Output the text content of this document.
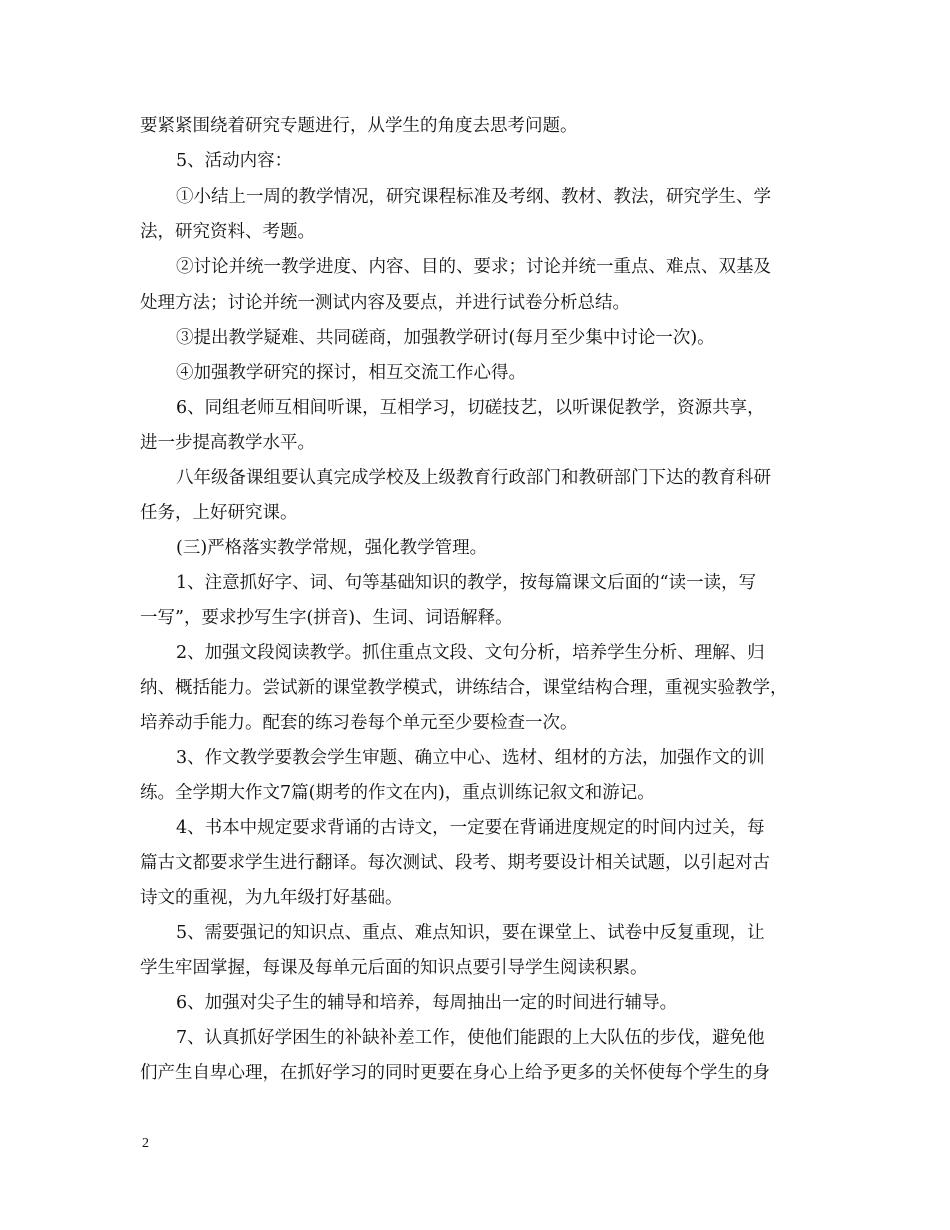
要紧紧围绕着研究专题进行，从学生的角度去思考问题。
5、活动内容：
①小结上一周的教学情况，研究课程标准及考纲、教材、教法，研究学生、学
法，研究资料、考题。
②讨论并统一教学进度、内容、目的、要求；讨论并统一重点、难点、双基及
处理方法；讨论并统一测试内容及要点，并进行试卷分析总结。
③提出教学疑难、共同磋商，加强教学研讨(每月至少集中讨论一次)。
④加强教学研究的探讨，相互交流工作心得。
6、同组老师互相间听课，互相学习，切磋技艺，以听课促教学，资源共享，
进一步提高教学水平。
八年级备课组要认真完成学校及上级教育行政部门和教研部门下达的教育科研
任务，上好研究课。
(三)严格落实教学常规，强化教学管理。
1、注意抓好字、词、句等基础知识的教学，按每篇课文后面的“读一读，写
一写”，要求抄写生字(拼音)、生词、词语解释。
2、加强文段阅读教学。抓住重点文段、文句分析，培养学生分析、理解、归
纳、概括能力。尝试新的课堂教学模式，讲练结合，课堂结构合理，重视实验教学，
培养动手能力。配套的练习卷每个单元至少要检查一次。
3、作文教学要教会学生审题、确立中心、选材、组材的方法，加强作文的训
练。全学期大作文7篇(期考的作文在内)，重点训练记叙文和游记。
4、书本中规定要求背诵的古诗文，一定要在背诵进度规定的时间内过关，每
篇古文都要求学生进行翻译。每次测试、段考、期考要设计相关试题，以引起对古
诗文的重视，为九年级打好基础。
5、需要强记的知识点、重点、难点知识，要在课堂上、试卷中反复重现，让
学生牢固掌握，每课及每单元后面的知识点要引导学生阅读积累。
6、加强对尖子生的辅导和培养，每周抽出一定的时间进行辅导。
7、认真抓好学困生的补缺补差工作，使他们能跟的上大队伍的步伐，避免他
们产生自卑心理，在抓好学习的同时更要在身心上给予更多的关怀使每个学生的身
2
